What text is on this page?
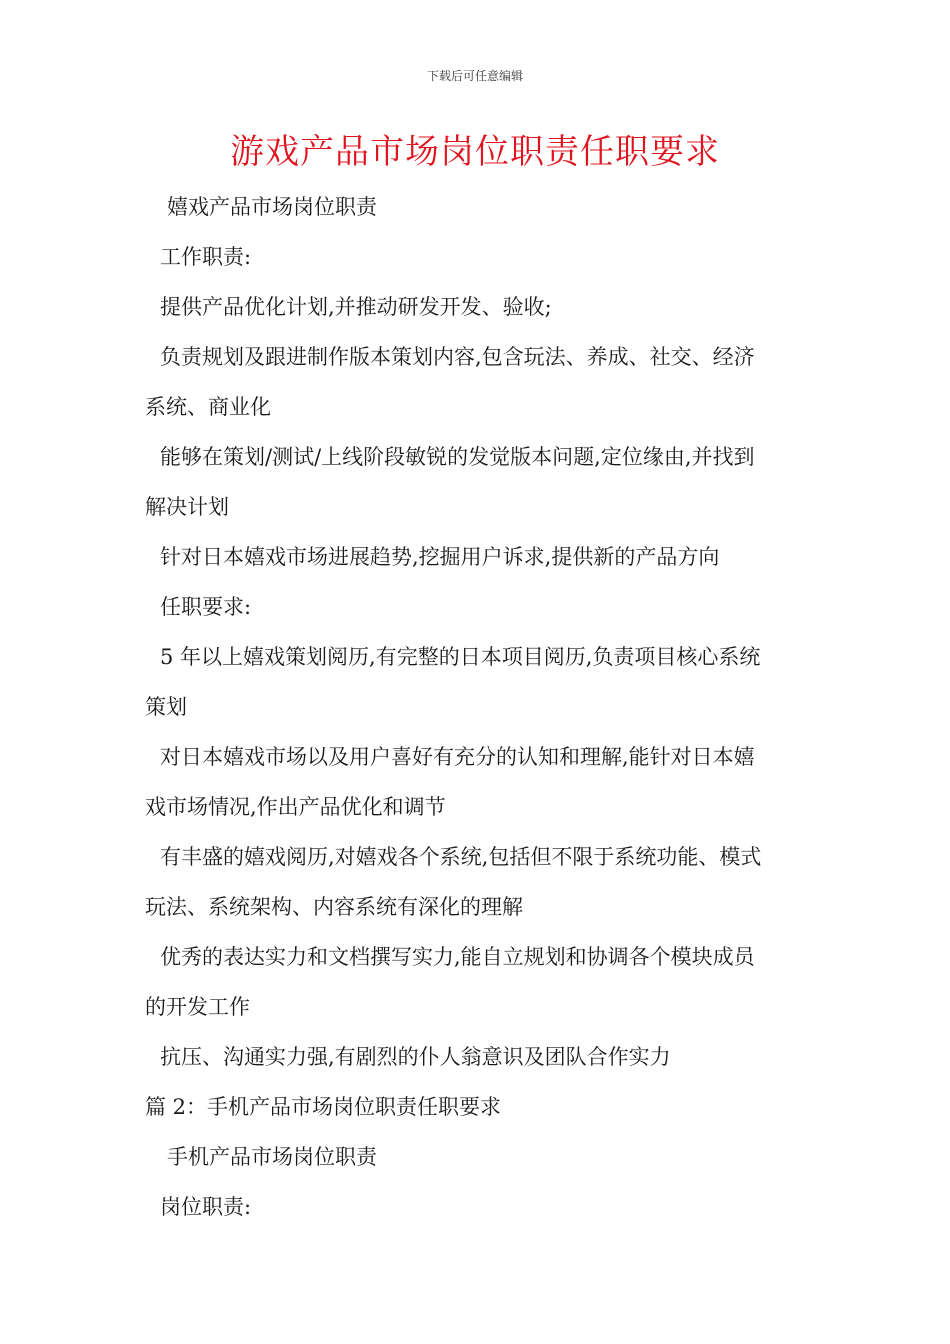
下载后可任意编辑
游戏产品市场岗位职责任职要求
嬉戏产品市场岗位职责
工作职责:
提供产品优化计划,并推动研发开发、验收;
负责规划及跟进制作版本策划内容,包含玩法、养成、社交、经济
系统、商业化
能够在策划/测试/上线阶段敏锐的发觉版本问题,定位缘由,并找到
解决计划
针对日本嬉戏市场进展趋势,挖掘用户诉求,提供新的产品方向
任职要求:
5 年以上嬉戏策划阅历,有完整的日本项目阅历,负责项目核心系统
策划
对日本嬉戏市场以及用户喜好有充分的认知和理解,能针对日本嬉
戏市场情况,作出产品优化和调节
有丰盛的嬉戏阅历,对嬉戏各个系统,包括但不限于系统功能、模式
玩法、系统架构、内容系统有深化的理解
优秀的表达实力和文档撰写实力,能自立规划和协调各个模块成员
的开发工作
抗压、沟通实力强,有剧烈的仆人翁意识及团队合作实力
篇 2：手机产品市场岗位职责任职要求
手机产品市场岗位职责
岗位职责:
